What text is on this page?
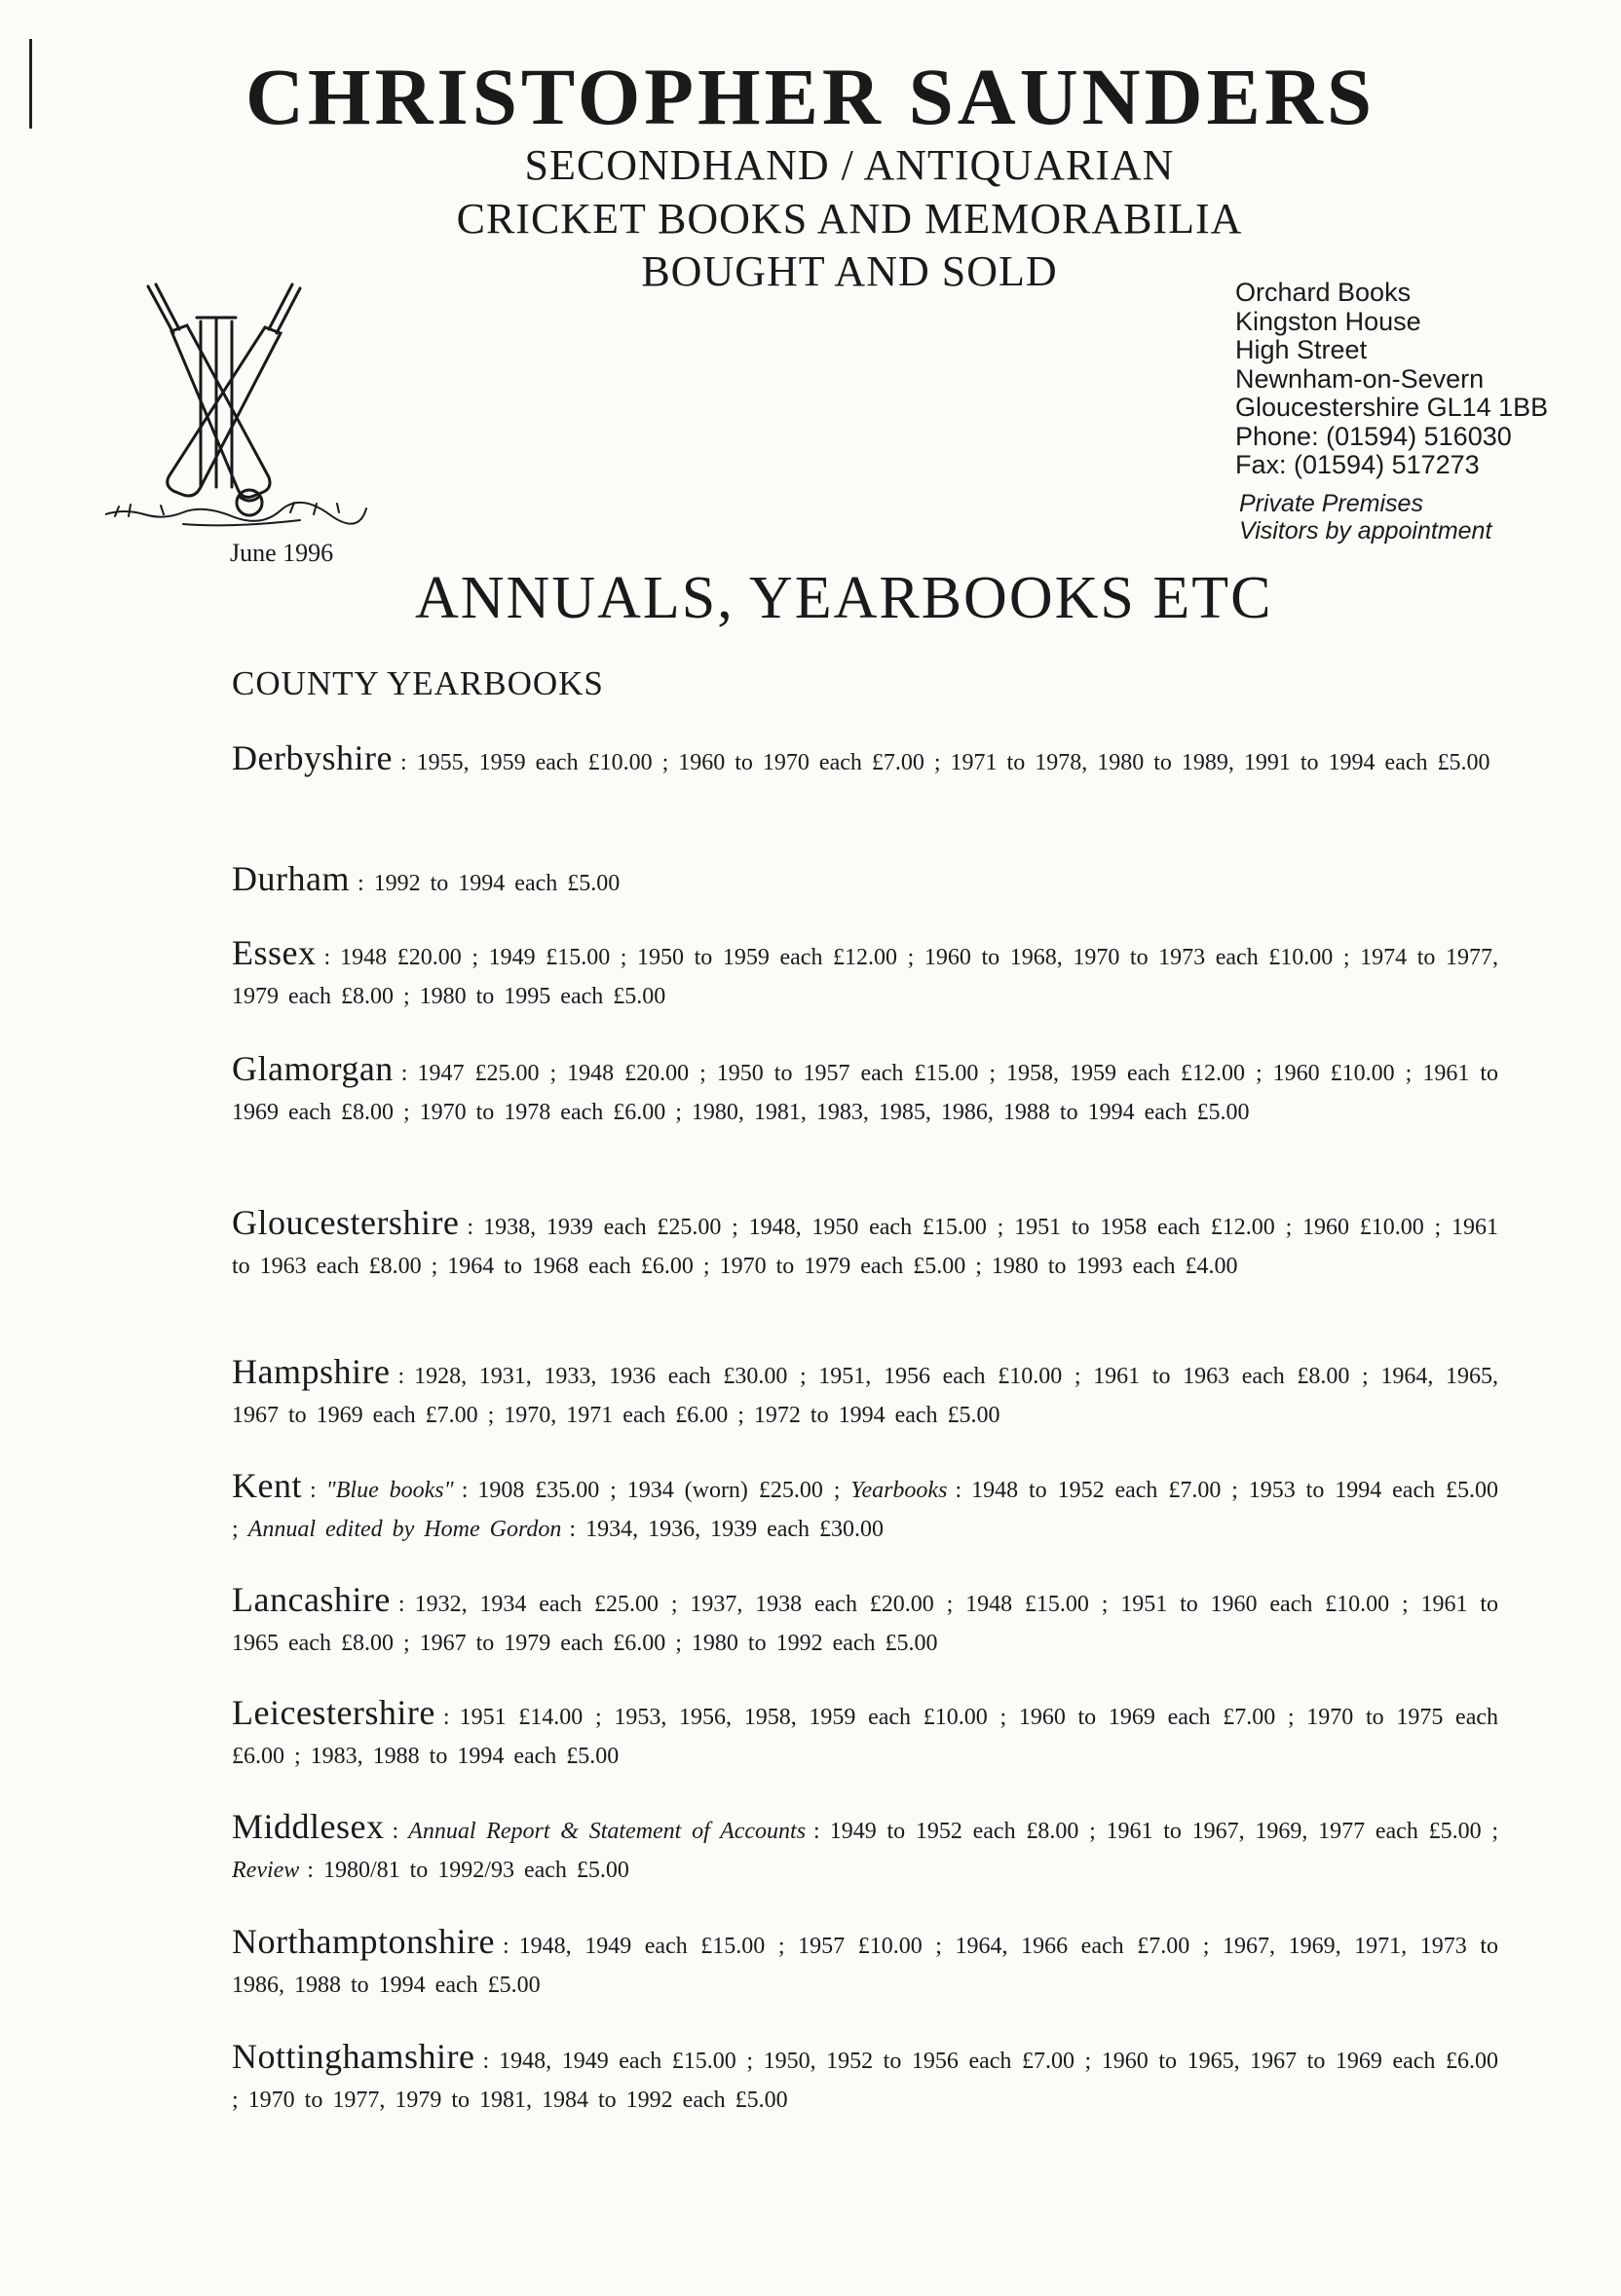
CHRISTOPHER SAUNDERS
SECONDHAND / ANTIQUARIAN
CRICKET BOOKS AND MEMORABILIA
BOUGHT AND SOLD
June 1996
Orchard Books
Kingston House
High Street
Newnham-on-Severn
Gloucestershire GL14 1BB
Phone: (01594) 516030
Fax: (01594) 517273
Private Premises
Visitors by appointment
ANNUALS, YEARBOOKS ETC
COUNTY YEARBOOKS
Derbyshire : 1955, 1959 each £10.00 ; 1960 to 1970 each £7.00 ; 1971 to 1978, 1980 to 1989, 1991 to 1994 each £5.00
Durham : 1992 to 1994 each £5.00
Essex : 1948 £20.00 ; 1949 £15.00 ; 1950 to 1959 each £12.00 ; 1960 to 1968, 1970 to 1973 each £10.00 ; 1974 to 1977, 1979 each £8.00 ; 1980 to 1995 each £5.00
Glamorgan : 1947 £25.00 ; 1948 £20.00 ; 1950 to 1957 each £15.00 ; 1958, 1959 each £12.00 ; 1960 £10.00 ; 1961 to 1969 each £8.00 ; 1970 to 1978 each £6.00 ; 1980, 1981, 1983, 1985, 1986, 1988 to 1994 each £5.00
Gloucestershire : 1938, 1939 each £25.00 ; 1948, 1950 each £15.00 ; 1951 to 1958 each £12.00 ; 1960 £10.00 ; 1961 to 1963 each £8.00 ; 1964 to 1968 each £6.00 ; 1970 to 1979 each £5.00 ; 1980 to 1993 each £4.00
Hampshire : 1928, 1931, 1933, 1936 each £30.00 ; 1951, 1956 each £10.00 ; 1961 to 1963 each £8.00 ; 1964, 1965, 1967 to 1969 each £7.00 ; 1970, 1971 each £6.00 ; 1972 to 1994 each £5.00
Kent : "Blue books" : 1908 £35.00 ; 1934 (worn) £25.00 ; Yearbooks : 1948 to 1952 each £7.00 ; 1953 to 1994 each £5.00 ; Annual edited by Home Gordon : 1934, 1936, 1939 each £30.00
Lancashire : 1932, 1934 each £25.00 ; 1937, 1938 each £20.00 ; 1948 £15.00 ; 1951 to 1960 each £10.00 ; 1961 to 1965 each £8.00 ; 1967 to 1979 each £6.00 ; 1980 to 1992 each £5.00
Leicestershire : 1951 £14.00 ; 1953, 1956, 1958, 1959 each £10.00 ; 1960 to 1969 each £7.00 ; 1970 to 1975 each £6.00 ; 1983, 1988 to 1994 each £5.00
Middlesex : Annual Report & Statement of Accounts : 1949 to 1952 each £8.00 ; 1961 to 1967, 1969, 1977 each £5.00 ; Review : 1980/81 to 1992/93 each £5.00
Northamptonshire : 1948, 1949 each £15.00 ; 1957 £10.00 ; 1964, 1966 each £7.00 ; 1967, 1969, 1971, 1973 to 1986, 1988 to 1994 each £5.00
Nottinghamshire : 1948, 1949 each £15.00 ; 1950, 1952 to 1956 each £7.00 ; 1960 to 1965, 1967 to 1969 each £6.00 ; 1970 to 1977, 1979 to 1981, 1984 to 1992 each £5.00
